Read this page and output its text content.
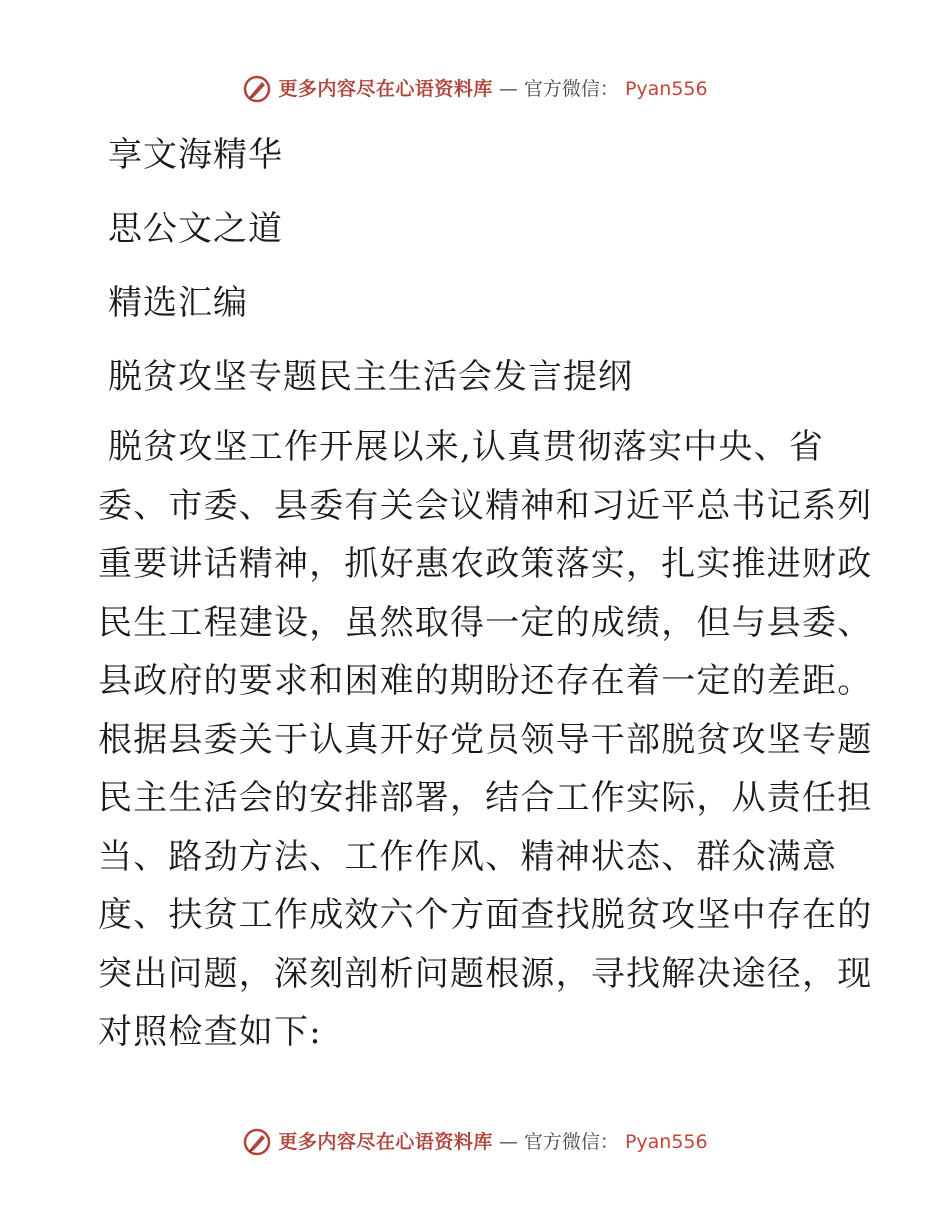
更多内容尽在心语资料库 — 官方微信： Pyan556
享文海精华
思公文之道
精选汇编
脱贫攻坚专题民主生活会发言提纲
脱贫攻坚工作开展以来,认真贯彻落实中央、省
委、市委、县委有关会议精神和习近平总书记系列
重要讲话精神，抓好惠农政策落实，扎实推进财政
民生工程建设，虽然取得一定的成绩，但与县委、
县政府的要求和困难的期盼还存在着一定的差距。
根据县委关于认真开好党员领导干部脱贫攻坚专题
民主生活会的安排部署，结合工作实际，从责任担
当、路劲方法、工作作风、精神状态、群众满意
度、扶贫工作成效六个方面查找脱贫攻坚中存在的
突出问题，深刻剖析问题根源，寻找解决途径，现
对照检查如下:
更多内容尽在心语资料库 — 官方微信： Pyan556
